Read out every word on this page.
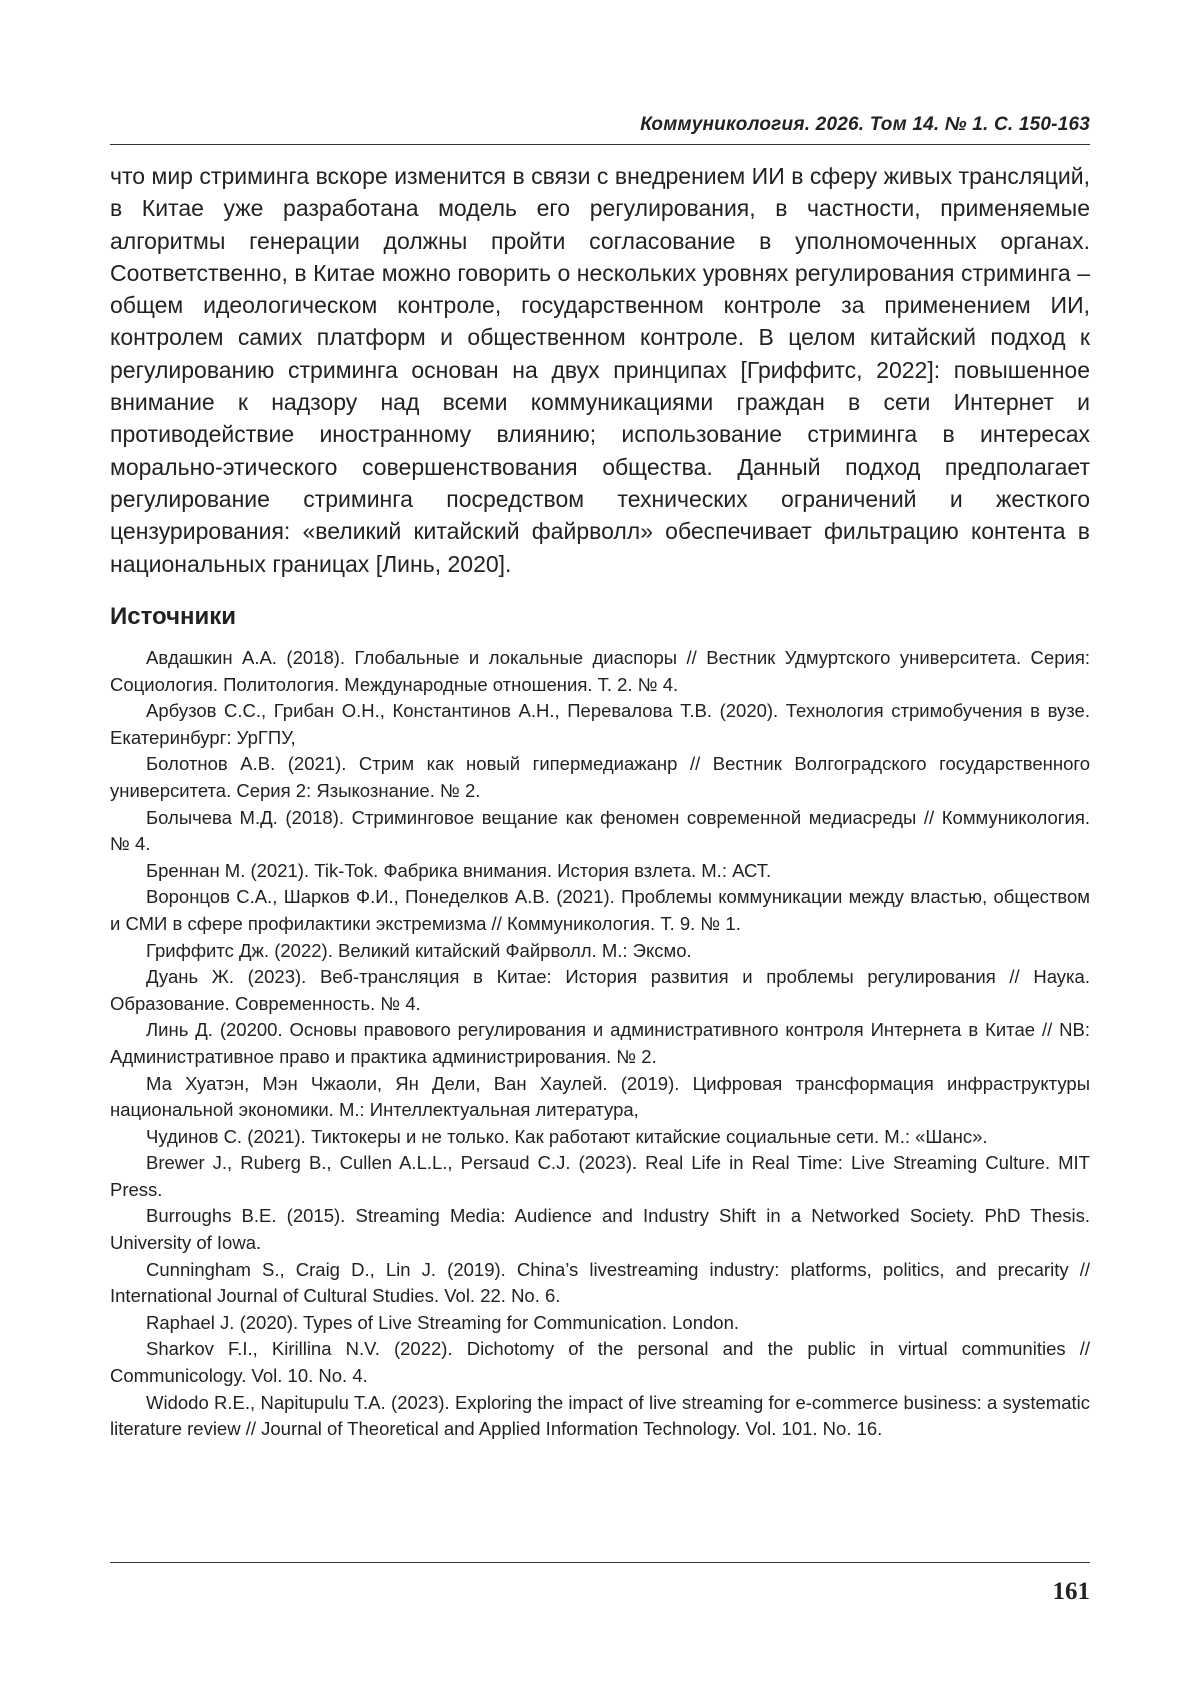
Коммуникология. 2026. Том 14. № 1. С. 150-163

что мир стриминга вскоре изменится в связи с внедрением ИИ в сферу живых трансляций, в Китае уже разработана модель его регулирования, в частности, применяемые алгоритмы генерации должны пройти согласование в уполномоченных органах. Соответственно, в Китае можно говорить о нескольких уровнях регулирования стриминга – общем идеологическом контроле, государственном контроле за применением ИИ, контролем самих платформ и общественном контроле. В целом китайский подход к регулированию стриминга основан на двух принципах [Гриффитс, 2022]: повышенное внимание к надзору над всеми коммуникациями граждан в сети Интернет и противодействие иностранному влиянию; использование стриминга в интересах морально-этического совершенствования общества. Данный подход предполагает регулирование стриминга посредством технических ограничений и жесткого цензурирования: «великий китайский файрволл» обеспечивает фильтрацию контента в национальных границах [Линь, 2020].

Источники
Авдашкин А.А. (2018). Глобальные и локальные диаспоры // Вестник Удмуртского университета. Серия: Социология. Политология. Международные отношения. Т. 2. № 4.
Арбузов С.С., Грибан О.Н., Константинов А.Н., Перевалова Т.В. (2020). Технология стримобучения в вузе. Екатеринбург: УрГПУ,
Болотнов А.В. (2021). Стрим как новый гипермедиажанр // Вестник Волгоградского государственного университета. Серия 2: Языкознание. № 2.
Болычева М.Д. (2018). Стриминговое вещание как феномен современной медиасреды // Коммуникология. № 4.
Бреннан М. (2021). Tik-Tok. Фабрика внимания. История взлета. М.: АСТ.
Воронцов С.А., Шарков Ф.И., Понеделков А.В. (2021). Проблемы коммуникации между властью, обществом и СМИ в сфере профилактики экстремизма // Коммуникология. Т. 9. № 1.
Гриффитс Дж. (2022). Великий китайский Файрволл. М.: Эксмо.
Дуань Ж. (2023). Веб-трансляция в Китае: История развития и проблемы регулирования // Наука. Образование. Современность. № 4.
Линь Д. (20200. Основы правового регулирования и административного контроля Интернета в Китае // NB: Административное право и практика администрирования. № 2.
Ма Хуатэн, Мэн Чжаоли, Ян Дели, Ван Хаулей. (2019). Цифровая трансформация инфраструктуры национальной экономики. М.: Интеллектуальная литература,
Чудинов С. (2021). Тиктокеры и не только. Как работают китайские социальные сети. М.: «Шанс».
Brewer J., Ruberg B., Cullen A.L.L., Persaud C.J. (2023). Real Life in Real Time: Live Streaming Culture. MIT Press.
Burroughs B.E. (2015). Streaming Media: Audience and Industry Shift in a Networked Society. PhD Thesis. University of Iowa.
Cunningham S., Craig D., Lin J. (2019). China’s livestreaming industry: platforms, politics, and precarity // International Journal of Cultural Studies. Vol. 22. No. 6.
Raphael J. (2020). Types of Live Streaming for Communication. London.
Sharkov F.I., Kirillina N.V. (2022). Dichotomy of the personal and the public in virtual communities // Communicology. Vol. 10. No. 4.
Widodo R.E., Napitupulu T.A. (2023). Exploring the impact of live streaming for e-commerce business: a systematic literature review // Journal of Theoretical and Applied Information Technology. Vol. 101. No. 16.
161
